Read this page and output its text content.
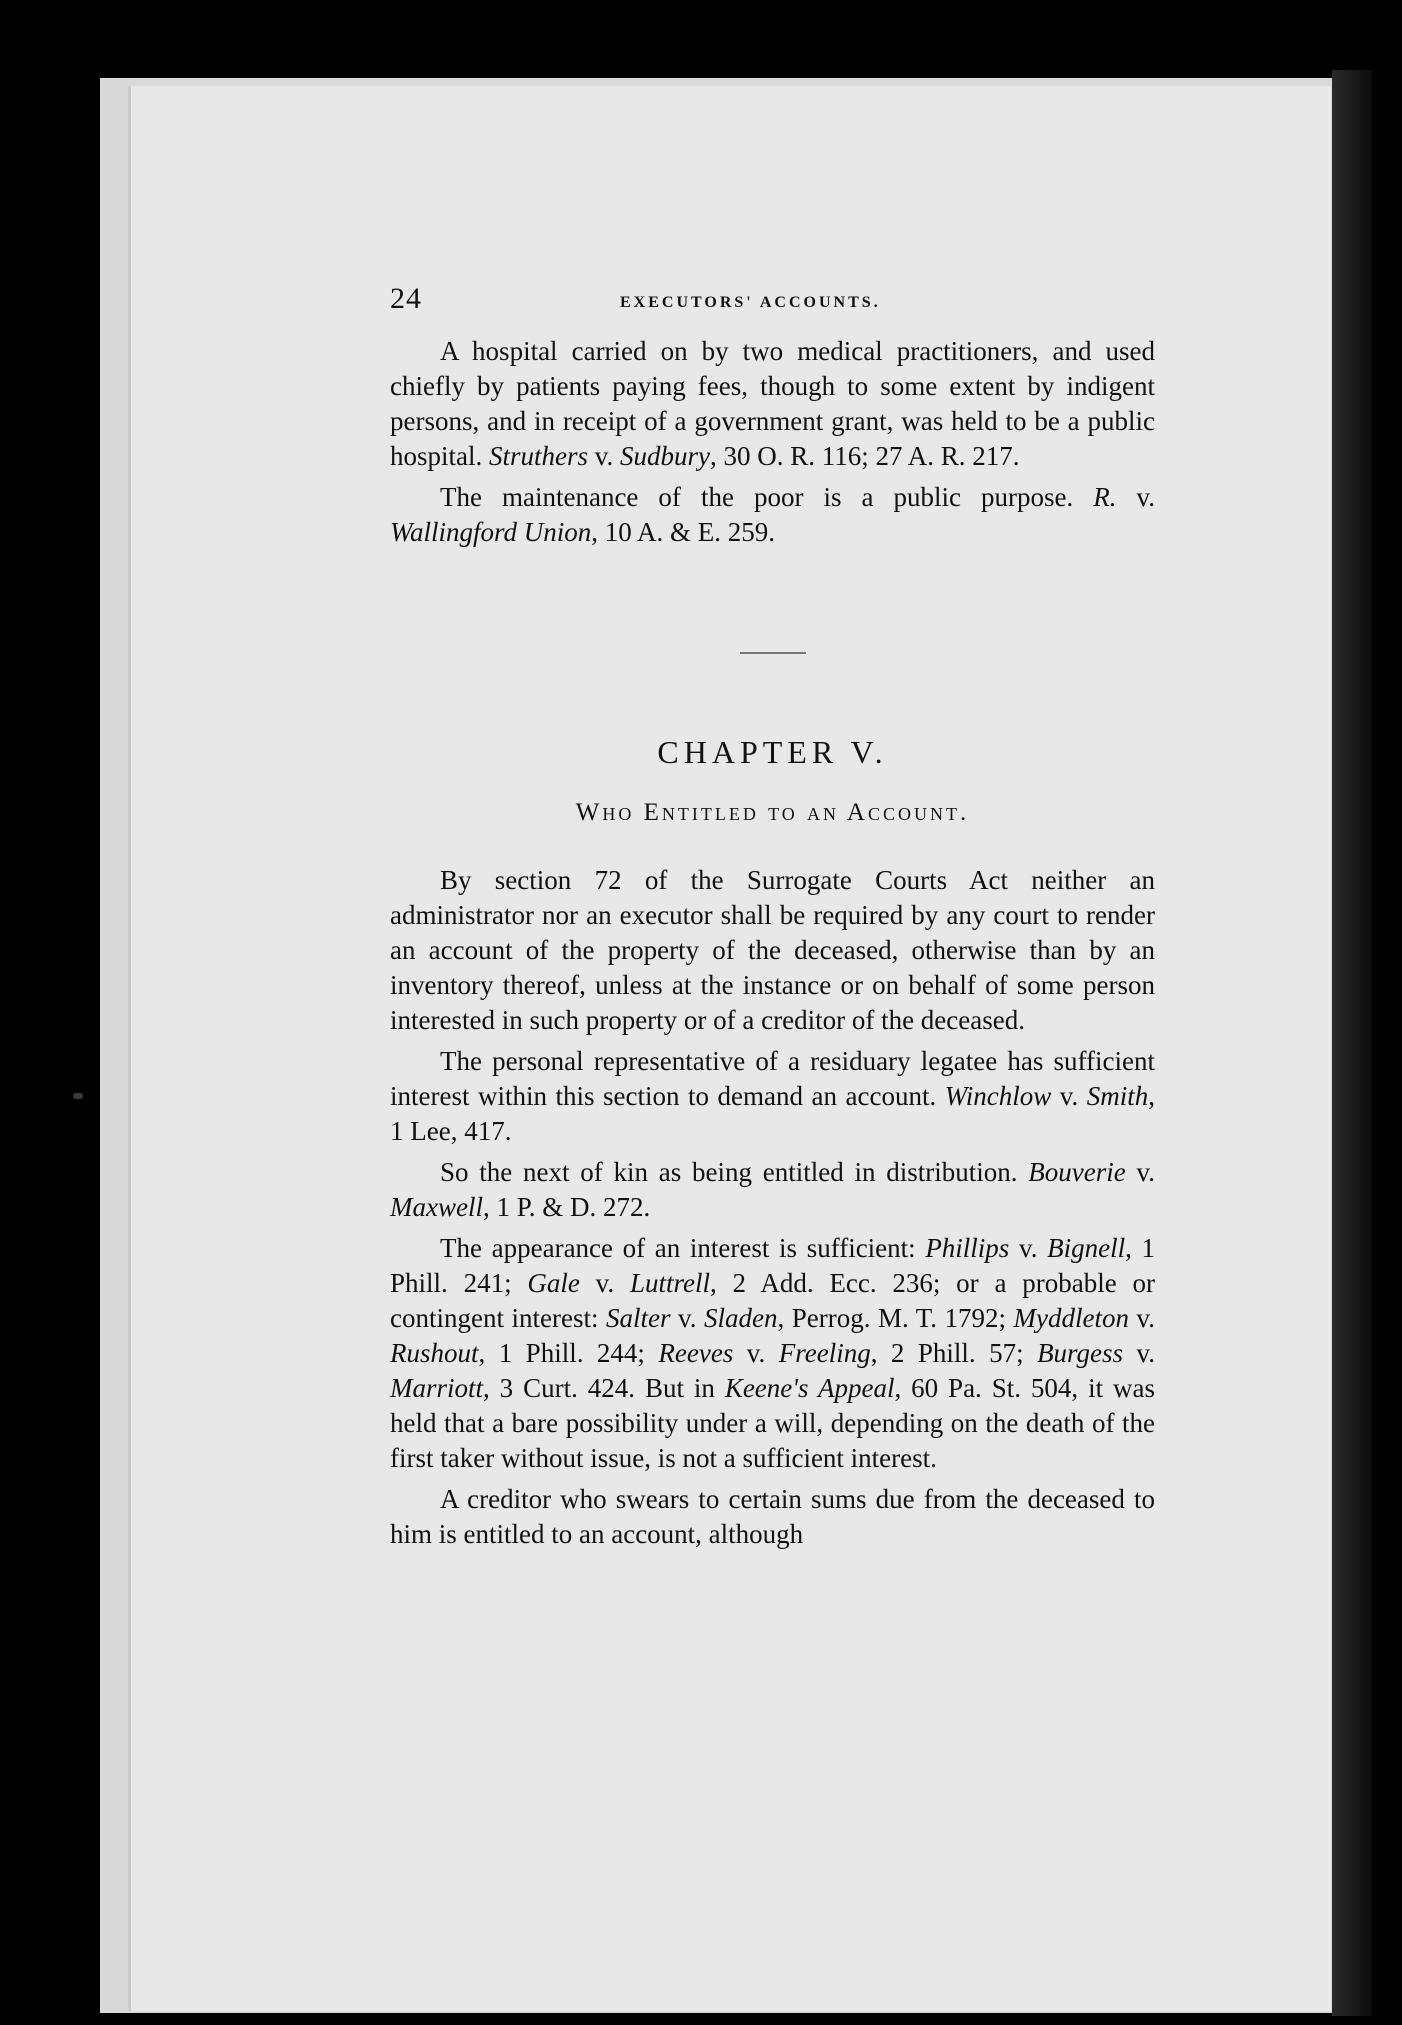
24	EXECUTORS' ACCOUNTS.

A hospital carried on by two medical practitioners, and used chiefly by patients paying fees, though to some extent by indigent persons, and in receipt of a government grant, was held to be a public hospital. Struthers v. Sudbury, 30 O. R. 116; 27 A. R. 217.

The maintenance of the poor is a public purpose. R. v. Wallingford Union, 10 A. & E. 259.

CHAPTER V.
Who Entitled to an Account.

By section 72 of the Surrogate Courts Act neither an administrator nor an executor shall be required by any court to render an account of the property of the deceased, otherwise than by an inventory thereof, unless at the instance or on behalf of some person interested in such property or of a creditor of the deceased.

The personal representative of a residuary legatee has sufficient interest within this section to demand an account. Winchlow v. Smith, 1 Lee, 417.

So the next of kin as being entitled in distribution. Bouverie v. Maxwell, 1 P. & D. 272.

The appearance of an interest is sufficient: Phillips v. Bignell, 1 Phill. 241; Gale v. Luttrell, 2 Add. Ecc. 236; or a probable or contingent interest: Salter v. Sladen, Perrog. M. T. 1792; Myddleton v. Rushout, 1 Phill. 244; Reeves v. Freeling, 2 Phill. 57; Burgess v. Marriott, 3 Curt. 424. But in Keene's Appeal, 60 Pa. St. 504, it was held that a bare possibility under a will, depending on the death of the first taker without issue, is not a sufficient interest.

A creditor who swears to certain sums due from the deceased to him is entitled to an account, although
